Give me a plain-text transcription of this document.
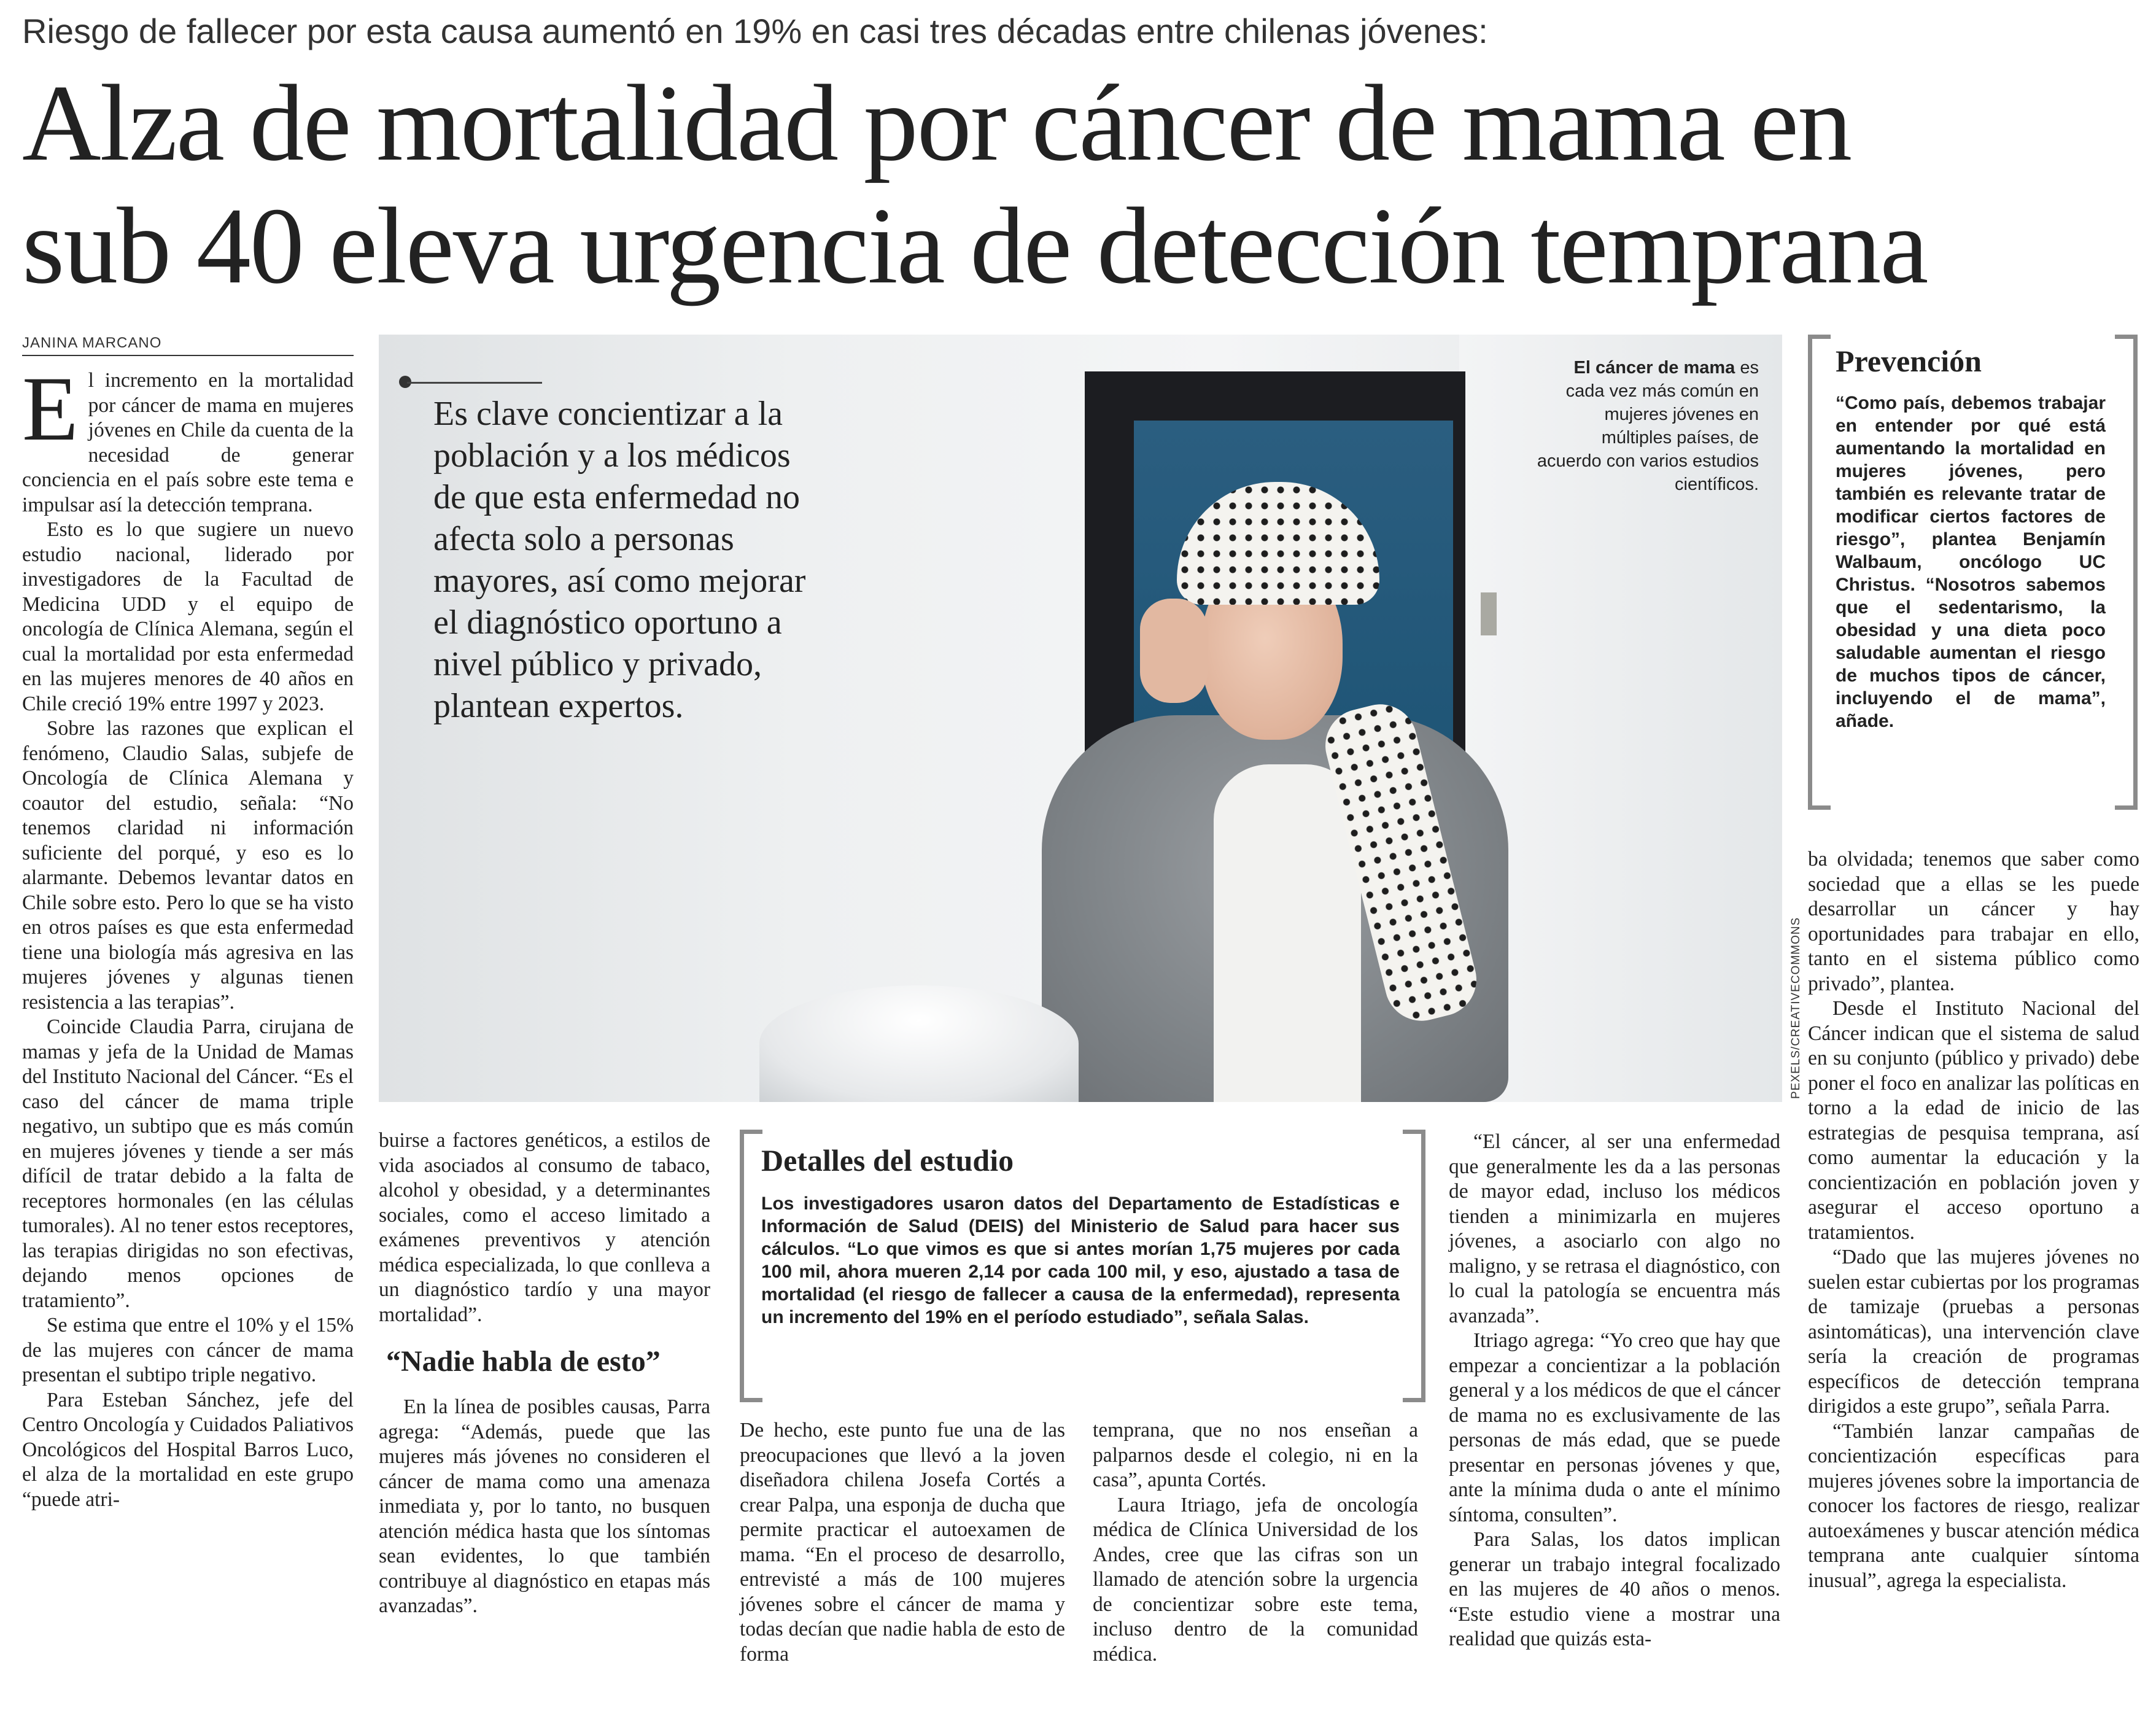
Riesgo de fallecer por esta causa aumentó en 19% en casi tres décadas entre chilenas jóvenes:
Alza de mortalidad por cáncer de mama en
sub 40 eleva urgencia de detección temprana
JANINA MARCANO

El incremento en la mortalidad por cáncer de mama en mujeres jóvenes en Chile da cuenta de la necesidad de generar conciencia en el país sobre este tema e impulsar así la detección temprana.

Esto es lo que sugiere un nuevo estudio nacional, liderado por investigadores de la Facultad de Medicina UDD y el equipo de oncología de Clínica Alemana, según el cual la mortalidad por esta enfermedad en las mujeres menores de 40 años en Chile creció 19% entre 1997 y 2023.

Sobre las razones que explican el fenómeno, Claudio Salas, subjefe de Oncología de Clínica Alemana y coautor del estudio, señala: “No tenemos claridad ni información suficiente del porqué, y eso es lo alarmante. Debemos levantar datos en Chile sobre esto. Pero lo que se ha visto en otros países es que esta enfermedad tiene una biología más agresiva en las mujeres jóvenes y algunas tienen resistencia a las terapias”.

Coincide Claudia Parra, cirujana de mamas y jefa de la Unidad de Mamas del Instituto Nacional del Cáncer. “Es el caso del cáncer de mama triple negativo, un subtipo que es más común en mujeres jóvenes y tiende a ser más difícil de tratar debido a la falta de receptores hormonales (en las células tumorales). Al no tener estos receptores, las terapias dirigidas no son efectivas, dejando menos opciones de tratamiento”.

Se estima que entre el 10% y el 15% de las mujeres con cáncer de mama presentan el subtipo triple negativo.

Para Esteban Sánchez, jefe del Centro Oncología y Cuidados Paliativos Oncológicos del Hospital Barros Luco, el alza de la mortalidad en este grupo “puede atri-

Es clave concientizar a la población y a los médicos de que esta enfermedad no afecta solo a personas mayores, así como mejorar el diagnóstico oportuno a nivel público y privado, plantean expertos.
El cáncer de mama es cada vez más común en mujeres jóvenes en múltiples países, de acuerdo con varios estudios científicos.
PEXELS/CREATIVECOMMONS
Prevención
“Como país, debemos trabajar en entender por qué está aumentando la mortalidad en mujeres jóvenes, pero también es relevante tratar de modificar ciertos factores de riesgo”, plantea Benjamín Walbaum, oncólogo UC Christus. “Nosotros sabemos que el sedentarismo, la obesidad y una dieta poco saludable aumentan el riesgo de muchos tipos de cáncer, incluyendo el de mama”, añade.

buirse a factores genéticos, a estilos de vida asociados al consumo de tabaco, alcohol y obesidad, y a determinantes sociales, como el acceso limitado a exámenes preventivos y atención médica especializada, lo que conlleva a un diagnóstico tardío y una mayor mortalidad”.

“Nadie habla de esto”

En la línea de posibles causas, Parra agrega: “Además, puede que las mujeres más jóvenes no consideren el cáncer de mama como una amenaza inmediata y, por lo tanto, no busquen atención médica hasta que los síntomas sean evidentes, lo que también contribuye al diagnóstico en etapas más avanzadas”.

Detalles del estudio
Los investigadores usaron datos del Departamento de Estadísticas e Información de Salud (DEIS) del Ministerio de Salud para hacer sus cálculos. “Lo que vimos es que si antes morían 1,75 mujeres por cada 100 mil, ahora mueren 2,14 por cada 100 mil, y eso, ajustado a tasa de mortalidad (el riesgo de fallecer a causa de la enfermedad), representa un incremento del 19% en el período estudiado”, señala Salas.

De hecho, este punto fue una de las preocupaciones que llevó a la joven diseñadora chilena Josefa Cortés a crear Palpa, una esponja de ducha que permite practicar el autoexamen de mama. “En el proceso de desarrollo, entrevisté a más de 100 mujeres jóvenes sobre el cáncer de mama y todas decían que nadie habla de esto de forma

temprana, que no nos enseñan a palparnos desde el colegio, ni en la casa”, apunta Cortés.

Laura Itriago, jefa de oncología médica de Clínica Universidad de los Andes, cree que las cifras son un llamado de atención sobre la urgencia de concientizar sobre este tema, incluso dentro de la comunidad médica.

“El cáncer, al ser una enfermedad que generalmente les da a las personas de mayor edad, incluso los médicos tienden a minimizarla en mujeres jóvenes, a asociarlo con algo no maligno, y se retrasa el diagnóstico, con lo cual la patología se encuentra más avanzada”.

Itriago agrega: “Yo creo que hay que empezar a concientizar a la población general y a los médicos de que el cáncer de mama no es exclusivamente de las personas de más edad, que se puede presentar en personas jóvenes y que, ante la mínima duda o ante el mínimo síntoma, consulten”.

Para Salas, los datos implican generar un trabajo integral focalizado en las mujeres de 40 años o menos. “Este estudio viene a mostrar una realidad que quizás esta-

ba olvidada; tenemos que saber como sociedad que a ellas se les puede desarrollar un cáncer y hay oportunidades para trabajar en ello, tanto en el sistema público como privado”, plantea.

Desde el Instituto Nacional del Cáncer indican que el sistema de salud en su conjunto (público y privado) debe poner el foco en analizar las políticas en torno a la edad de inicio de las estrategias de pesquisa temprana, así como aumentar la educación y la concientización en población joven y asegurar el acceso oportuno a tratamientos.

“Dado que las mujeres jóvenes no suelen estar cubiertas por los programas de tamizaje (pruebas a personas asintomáticas), una intervención clave sería la creación de programas específicos de detección temprana dirigidos a este grupo”, señala Parra.

“También lanzar campañas de concientización específicas para mujeres jóvenes sobre la importancia de conocer los factores de riesgo, realizar autoexámenes y buscar atención médica temprana ante cualquier síntoma inusual”, agrega la especialista.
